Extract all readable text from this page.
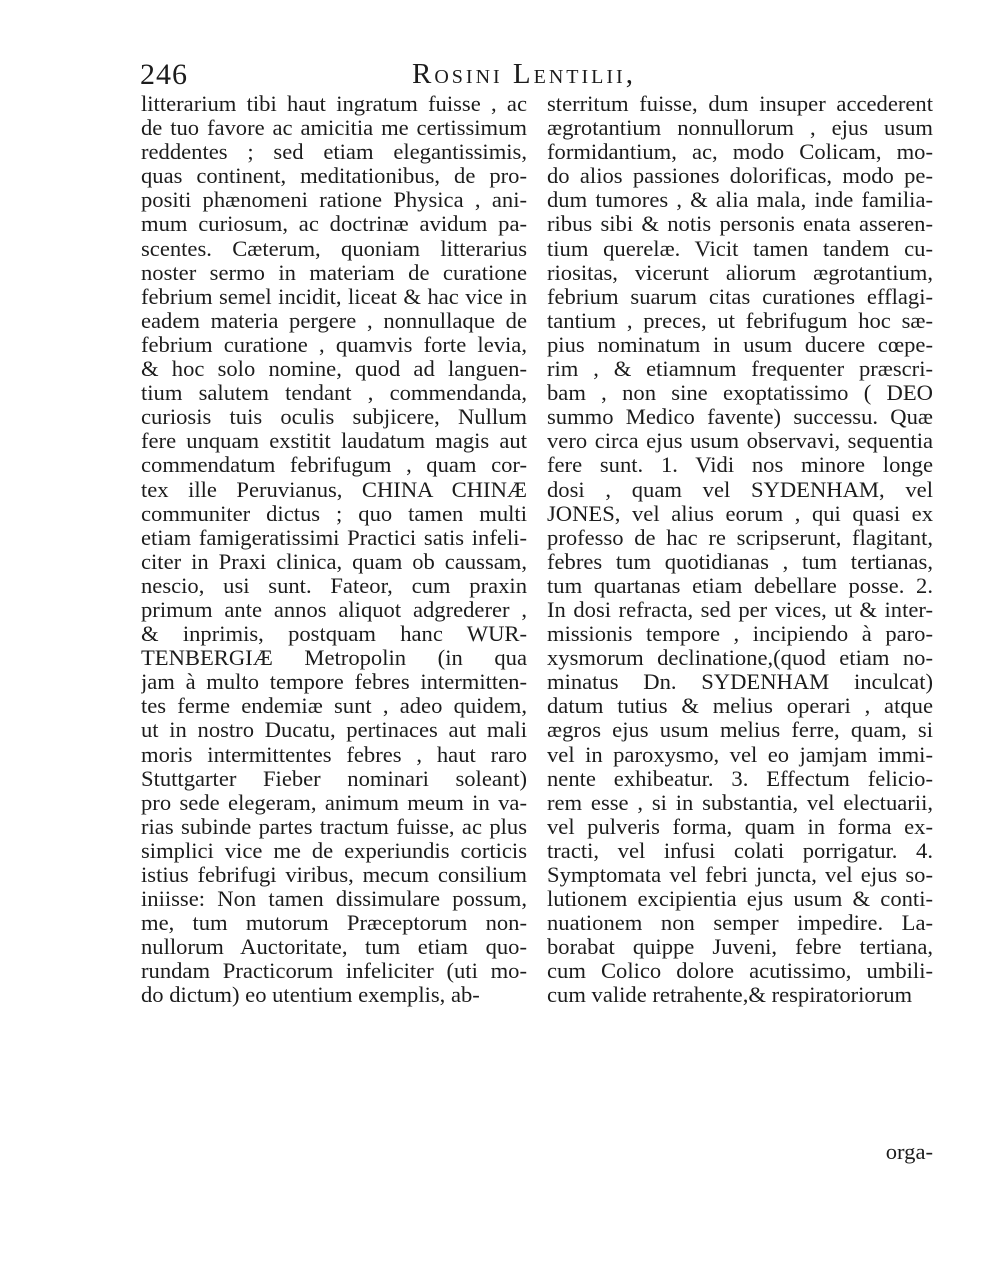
246	Rosini Lentilii,
litterarium tibi haut ingratum fuisse , ac
de tuo favore ac amicitia me certissimum
reddentes ; sed etiam elegantissimis,
quas continent, meditationibus, de pro-
positi phænomeni ratione Physica , ani-
mum curiosum, ac doctrinæ avidum pa-
scentes. Cæterum, quoniam litterarius
noster sermo in materiam de curatione
febrium semel incidit, liceat & hac vice in
eadem materia pergere , nonnullaque de
febrium curatione , quamvis forte levia,
& hoc solo nomine, quod ad languen-
tium salutem tendant , commendanda,
curiosis tuis oculis subjicere, Nullum
fere unquam exstitit laudatum magis aut
commendatum febrifugum , quam cor-
tex ille Peruvianus, CHINA CHINÆ
communiter dictus ; quo tamen multi
etiam famigeratissimi Practici satis infeli-
citer in Praxi clinica, quam ob caussam,
nescio, usi sunt. Fateor, cum praxin
primum ante annos aliquot adgrederer ,
& inprimis, postquam hanc WUR-
TENBERGIÆ Metropolin (in qua
jam à multo tempore febres intermitten-
tes ferme endemiæ sunt , adeo quidem,
ut in nostro Ducatu, pertinaces aut mali
moris intermittentes febres , haut raro
Stuttgarter Fieber nominari soleant)
pro sede elegeram, animum meum in va-
rias subinde partes tractum fuisse, ac plus
simplici vice me de experiundis corticis
istius febrifugi viribus, mecum consilium
iniisse: Non tamen dissimulare possum,
me, tum mutorum Præceptorum non-
nullorum Auctoritate, tum etiam quo-
rundam Practicorum infeliciter (uti mo-
do dictum) eo utentium exemplis, ab-
sterritum fuisse, dum insuper accederent
ægrotantium nonnullorum , ejus usum
formidantium, ac, modo Colicam, mo-
do alios passiones dolorificas, modo pe-
dum tumores , & alia mala, inde familia-
ribus sibi & notis personis enata asseren-
tium querelæ. Vicit tamen tandem cu-
riositas, vicerunt aliorum ægrotantium,
febrium suarum citas curationes efflagi-
tantium , preces, ut febrifugum hoc sæ-
pius nominatum in usum ducere cœpe-
rim , & etiamnum frequenter præscri-
bam , non sine exoptatissimo ( DEO
summo Medico favente) successu. Quæ
vero circa ejus usum observavi, sequentia
fere sunt. 1. Vidi nos minore longe
dosi , quam vel SYDENHAM, vel
JONES, vel alius eorum , qui quasi ex
professo de hac re scripserunt, flagitant,
febres tum quotidianas , tum tertianas,
tum quartanas etiam debellare posse. 2.
In dosi refracta, sed per vices, ut & inter-
missionis tempore , incipiendo à paro-
xysmorum declinatione,(quod etiam no-
minatus Dn. SYDENHAM inculcat)
datum tutius & melius operari , atque
ægros ejus usum melius ferre, quam, si
vel in paroxysmo, vel eo jamjam immi-
nente exhibeatur. 3. Effectum felicio-
rem esse , si in substantia, vel electuarii,
vel pulveris forma, quam in forma ex-
tracti, vel infusi colati porrigatur. 4.
Symptomata vel febri juncta, vel ejus so-
lutionem excipientia ejus usum & conti-
nuationem non semper impedire. La-
borabat quippe Juveni, febre tertiana,
cum Colico dolore acutissimo, umbili-
cum valide retrahente,& respiratoriorum
orga-
